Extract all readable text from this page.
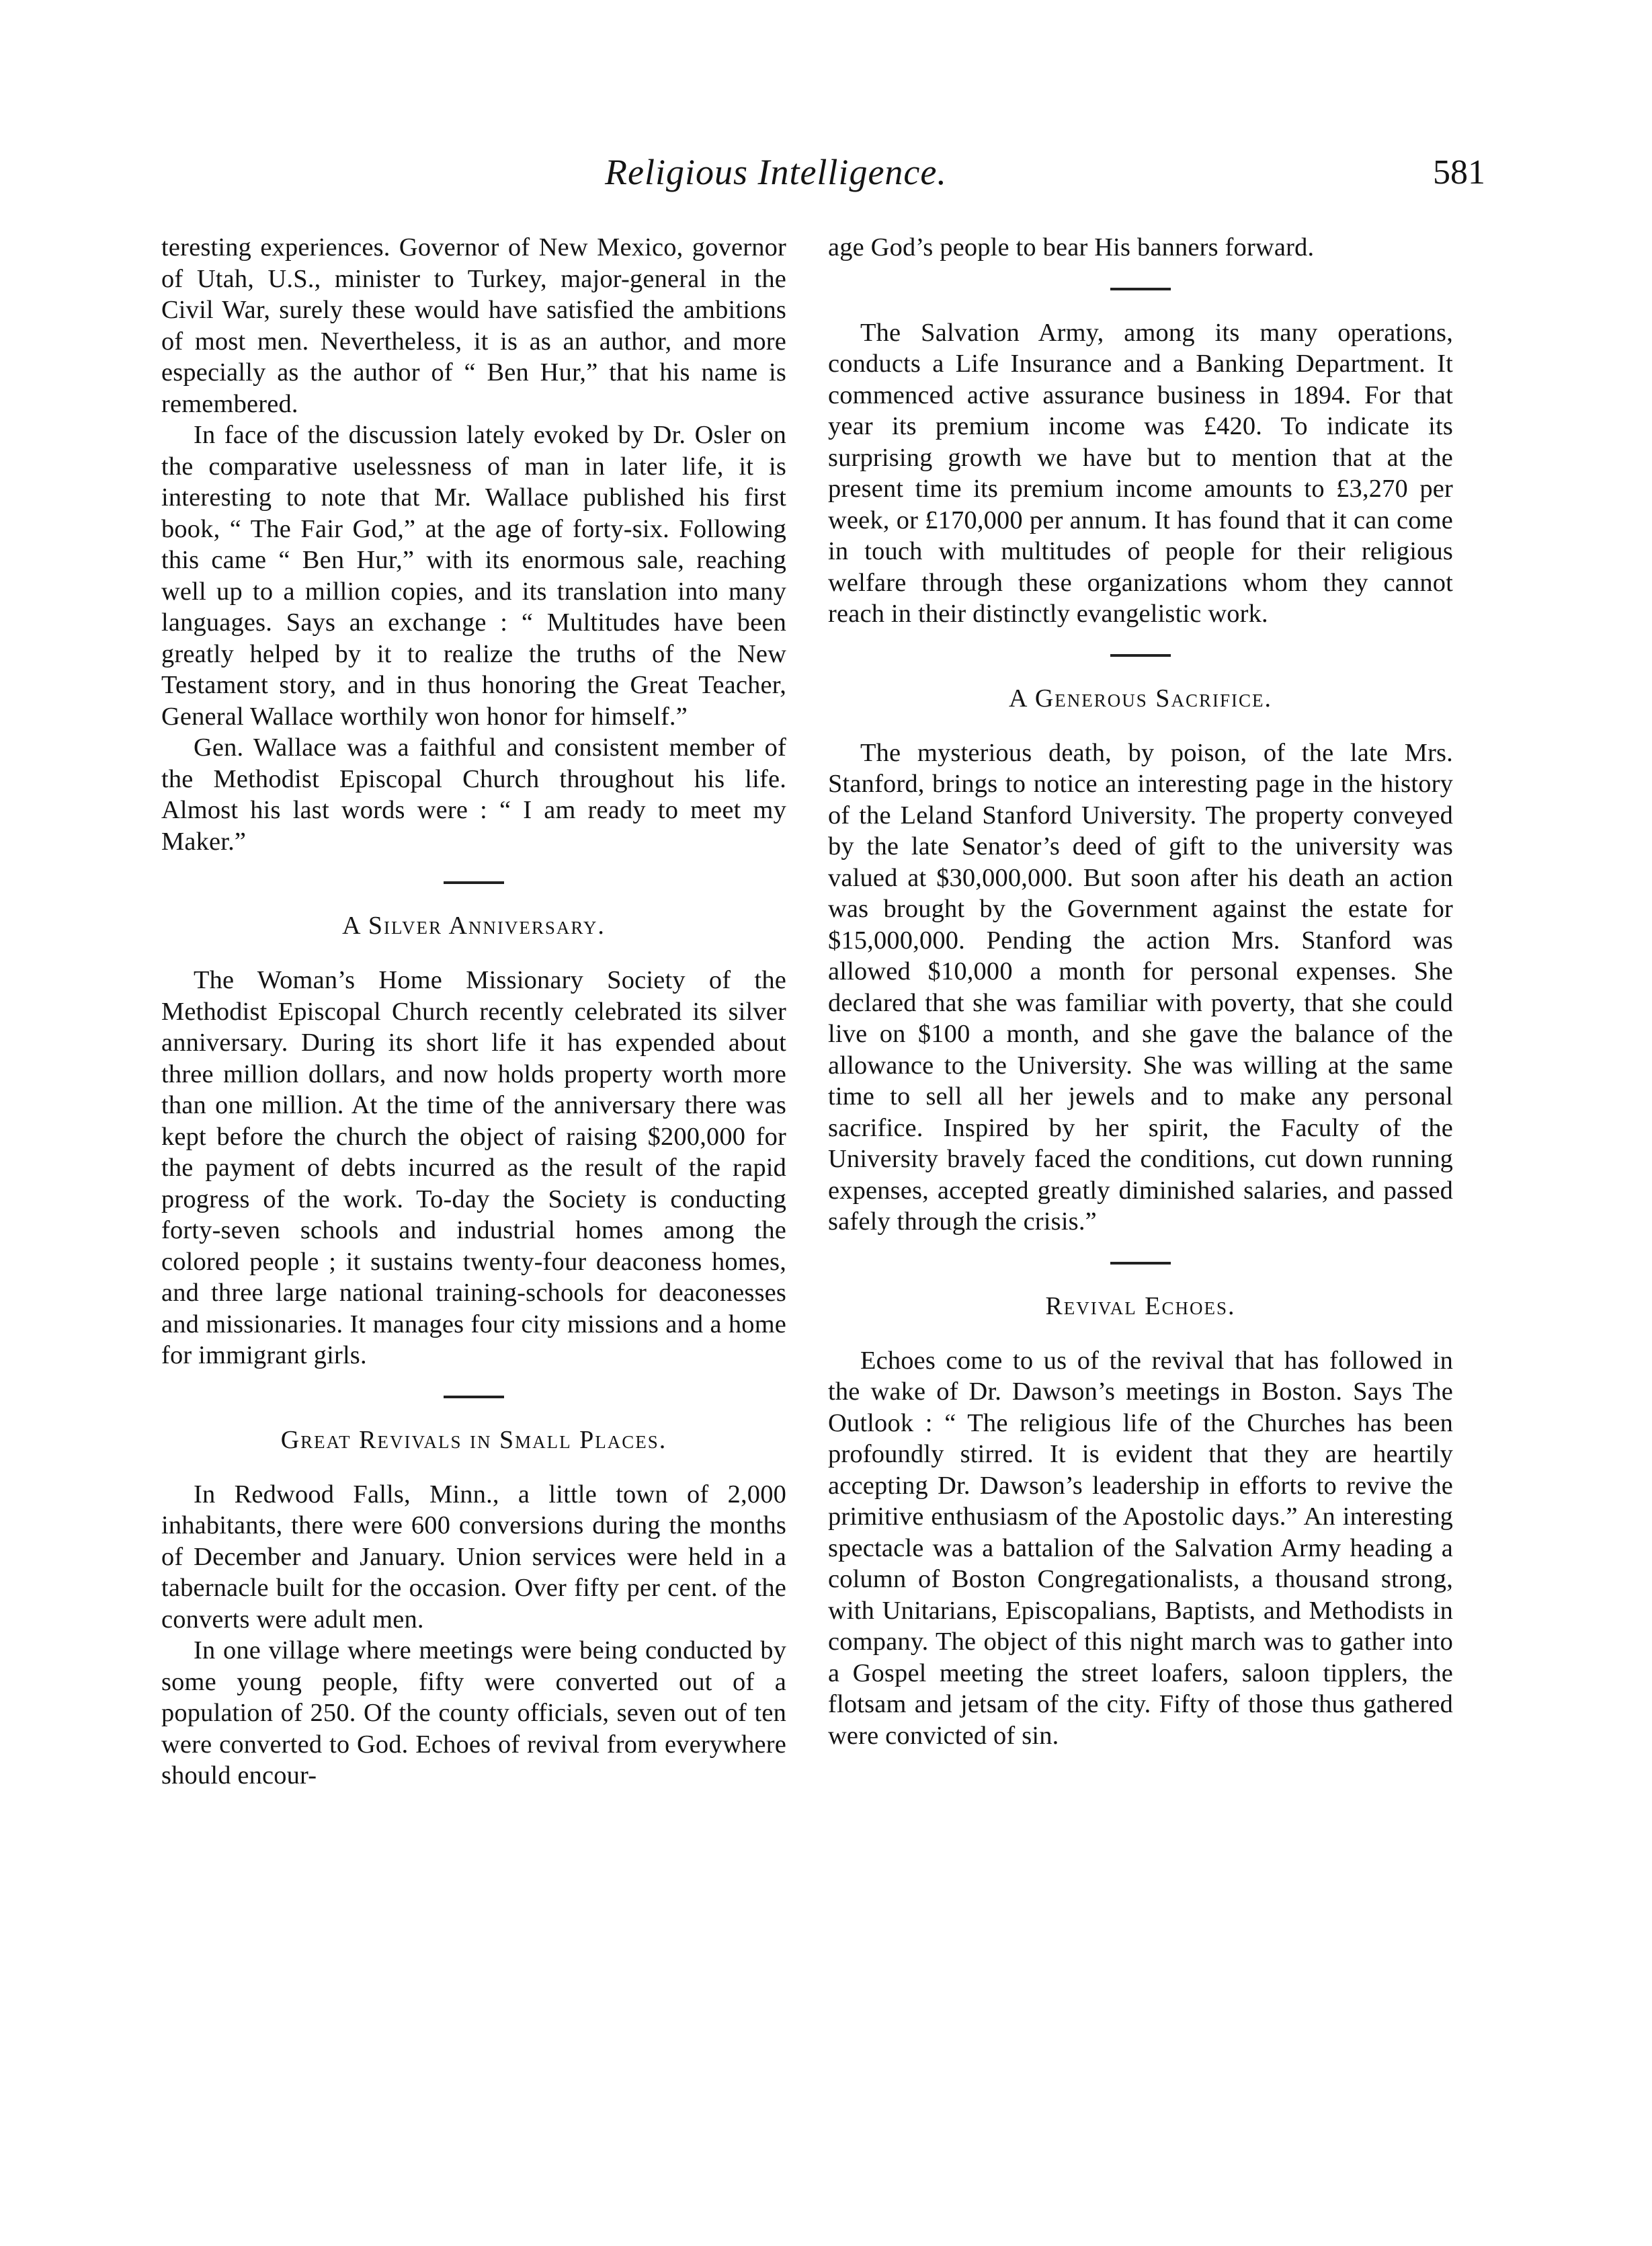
Religious Intelligence.	581

teresting experiences. Governor of New Mexico, governor of Utah, U.S., minister to Turkey, major-general in the Civil War, surely these would have satisfied the ambitions of most men. Nevertheless, it is as an author, and more especially as the author of “ Ben Hur,” that his name is remembered.

In face of the discussion lately evoked by Dr. Osler on the comparative uselessness of man in later life, it is interesting to note that Mr. Wallace published his first book, “ The Fair God,” at the age of forty-six. Following this came “ Ben Hur,” with its enormous sale, reaching well up to a million copies, and its translation into many languages. Says an exchange : “ Multitudes have been greatly helped by it to realize the truths of the New Testament story, and in thus honoring the Great Teacher, General Wallace worthily won honor for himself.”

Gen. Wallace was a faithful and consistent member of the Methodist Episcopal Church throughout his life. Almost his last words were : “ I am ready to meet my Maker.”

A Silver Anniversary.

The Woman’s Home Missionary Society of the Methodist Episcopal Church recently celebrated its silver anniversary. During its short life it has expended about three million dollars, and now holds property worth more than one million. At the time of the anniversary there was kept before the church the object of raising $200,000 for the payment of debts incurred as the result of the rapid progress of the work. To-day the Society is conducting forty-seven schools and industrial homes among the colored people ; it sustains twenty-four deaconess homes, and three large national training-schools for deaconesses and missionaries. It manages four city missions and a home for immigrant girls.

Great Revivals in Small Places.

In Redwood Falls, Minn., a little town of 2,000 inhabitants, there were 600 conversions during the months of December and January. Union services were held in a tabernacle built for the occasion. Over fifty per cent. of the converts were adult men.

In one village where meetings were being conducted by some young people, fifty were converted out of a population of 250. Of the county officials, seven out of ten were converted to God. Echoes of revival from everywhere should encour-

age God’s people to bear His banners forward.

The Salvation Army, among its many operations, conducts a Life Insurance and a Banking Department. It commenced active assurance business in 1894. For that year its premium income was £420. To indicate its surprising growth we have but to mention that at the present time its premium income amounts to £3,270 per week, or £170,000 per annum. It has found that it can come in touch with multitudes of people for their religious welfare through these organizations whom they cannot reach in their distinctly evangelistic work.

A Generous Sacrifice.

The mysterious death, by poison, of the late Mrs. Stanford, brings to notice an interesting page in the history of the Leland Stanford University. The property conveyed by the late Senator’s deed of gift to the university was valued at $30,000,000. But soon after his death an action was brought by the Government against the estate for $15,000,000. Pending the action Mrs. Stanford was allowed $10,000 a month for personal expenses. She declared that she was familiar with poverty, that she could live on $100 a month, and she gave the balance of the allowance to the University. She was willing at the same time to sell all her jewels and to make any personal sacrifice. Inspired by her spirit, the Faculty of the University bravely faced the conditions, cut down running expenses, accepted greatly diminished salaries, and passed safely through the crisis.”

Revival Echoes.

Echoes come to us of the revival that has followed in the wake of Dr. Dawson’s meetings in Boston. Says The Outlook : “ The religious life of the Churches has been profoundly stirred. It is evident that they are heartily accepting Dr. Dawson’s leadership in efforts to revive the primitive enthusiasm of the Apostolic days.” An interesting spectacle was a battalion of the Salvation Army heading a column of Boston Congregationalists, a thousand strong, with Unitarians, Episcopalians, Baptists, and Methodists in company. The object of this night march was to gather into a Gospel meeting the street loafers, saloon tipplers, the flotsam and jetsam of the city. Fifty of those thus gathered were convicted of sin.
